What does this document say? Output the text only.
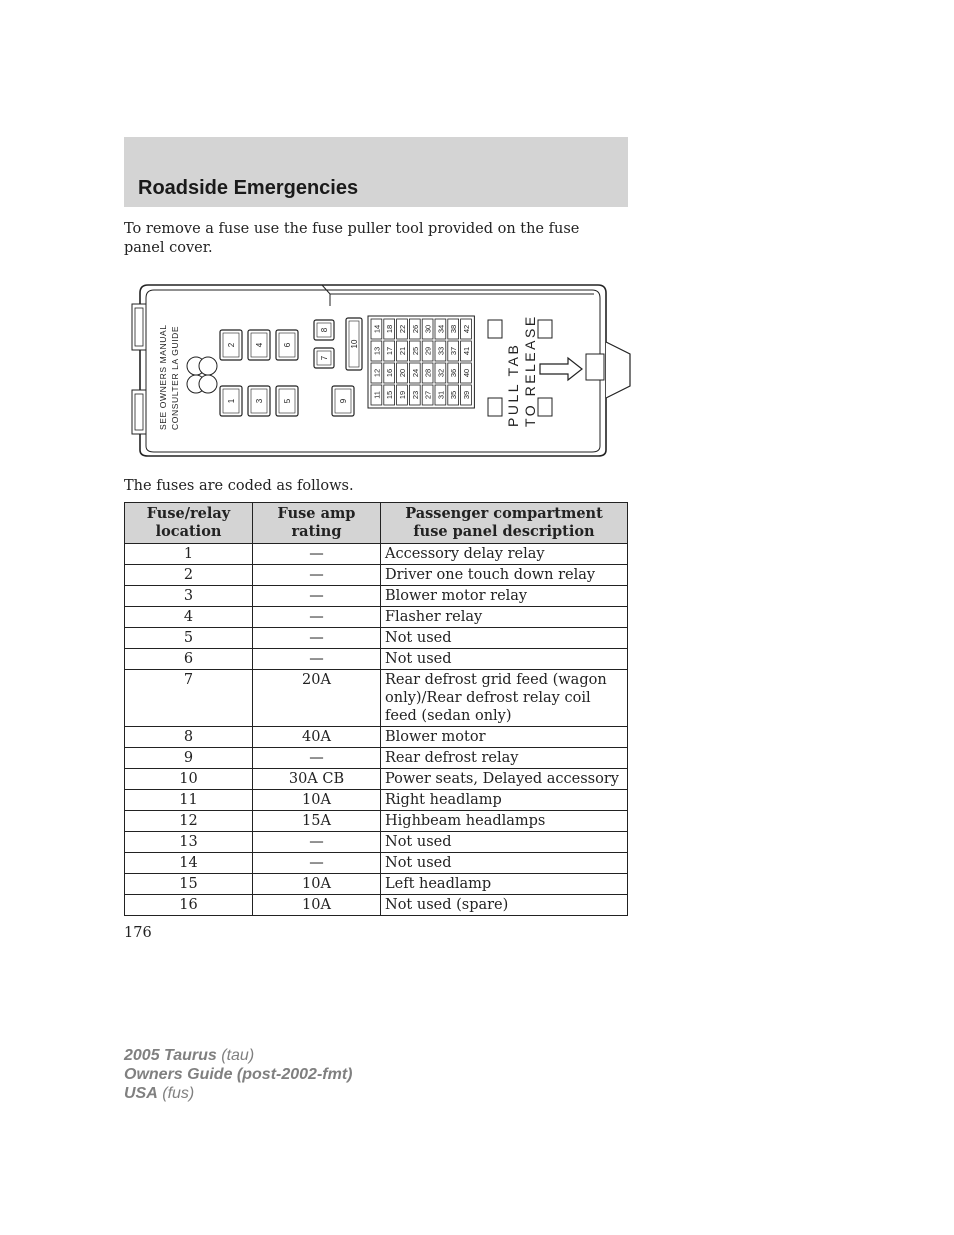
Roadside Emergencies

To remove a fuse use the fuse puller tool provided on the fuse panel cover.

SEE OWNERS MANUAL CONSULTER LA GUIDE	PULL TAB TO RELEASE
1
2
3
4
5
6
7
8
9
10
14 18 22 26 30 34 38 42
13 17 21 25 29 33 37 41
12 16 20 24 28 32 36 40
11 15 19 23 27 31 35 39

The fuses are coded as follows.

Fuse/relay location	Fuse amp rating	Passenger compartment fuse panel description
1	—	Accessory delay relay
2	—	Driver one touch down relay
3	—	Blower motor relay
4	—	Flasher relay
5	—	Not used
6	—	Not used
7	20A	Rear defrost grid feed (wagon only)/Rear defrost relay coil feed (sedan only)
8	40A	Blower motor
9	—	Rear defrost relay
10	30A CB	Power seats, Delayed accessory
11	10A	Right headlamp
12	15A	Highbeam headlamps
13	—	Not used
14	—	Not used
15	10A	Left headlamp
16	10A	Not used (spare)

176

2005 Taurus (tau)
Owners Guide (post-2002-fmt)
USA (fus)
